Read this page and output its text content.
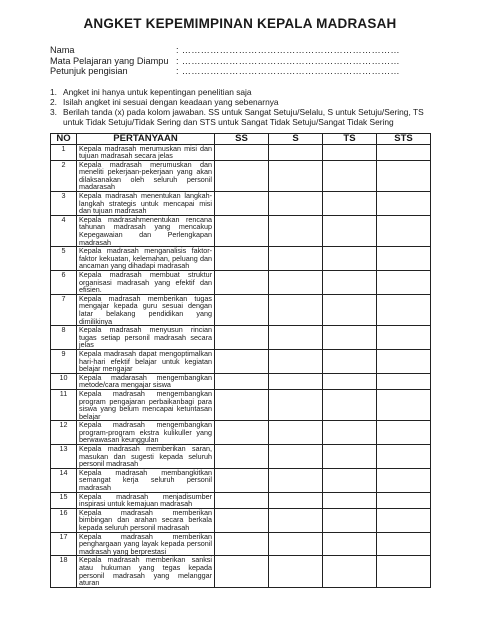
ANGKET KEPEMIMPINAN KEPALA MADRASAH
Nama	: ……………………………………………………………
Mata Pelajaran yang Diampu : ……………………………………………………………
Petunjuk pengisian	: ……………………………………………………………
1. Angket ini hanya untuk kepentingan penelitian saja
2. Isilah angket ini sesuai dengan keadaan yang sebenarnya
3. Berilah tanda (x) pada kolom jawaban. SS untuk Sangat Setuju/Selalu, S untuk Setuju/Sering, TS untuk Tidak Setuju/Tidak Sering dan STS untuk Sangat Tidak Setuju/Sangat Tidak Sering
NO	PERTANYAAN	SS	S	TS	STS
1	Kepala madrasah merumuskan misi dan tujuan madrasah secara jelas				
2	Kepala madrasah merumuskan dan meneliti pekerjaan-pekerjaan yang akan dilaksanakan oleh seluruh personil madarasah				
3	Kepala madrasah menentukan langkah-langkah strategis untuk mencapai misi dan tujuan madrasah				
4	Kepala madrasahmenentukan rencana tahunan madrasah yang mencakup Kepegawaian dan Perlengkapan madrasah				
5	Kepala madrasah menganalisis faktor-faktor kekuatan, kelemahan, peluang dan ancaman yang dihadapi madrasah				
6	Kepala madrasah membuat struktur organisasi madrasah yang efektif dan efisien.				
7	Kepala madrasah memberikan tugas mengajar kepada guru sesuai dengan latar belakang pendidikan yang dimilikinya				
8	Kepala madrasah menyusun rincian tugas setiap personil madrasah secara jelas				
9	Kepala madrasah dapat mengoptimalkan hari-hari efektif belajar untuk kegiatan belajar mengajar				
10	Kepala madarasah mengembangkan metode/cara mengajar siswa				
11	Kepala madrasah mengembangkan program pengajaran perbaikanbagi para siswa yang belum mencapai ketuntasan belajar				
12	Kepala madrasah mengembangkan program-program ekstra kulikuller yang berwawasan keunggulan				
13	Kepala madrasah memberikan saran, masukan dan sugesti kepada seluruh personil madrasah				
14	Kepala madrasah membangkitkan semangat kerja seluruh personil madrasah				
15	Kepala madrasah menjadisumber inspirasi untuk kemajuan madrasah				
16	Kepala madrasah memberikan bimbingan dan arahan secara berkala kepada seluruh personil madrasah				
17	Kepala madrasah memberikan penghargaan yang layak kepada personil madrasah yang berprestasi				
18	Kepala madrasah memberikan sanksi atau hukuman yang tegas kepada personil madrasah yang melanggar aturan				
